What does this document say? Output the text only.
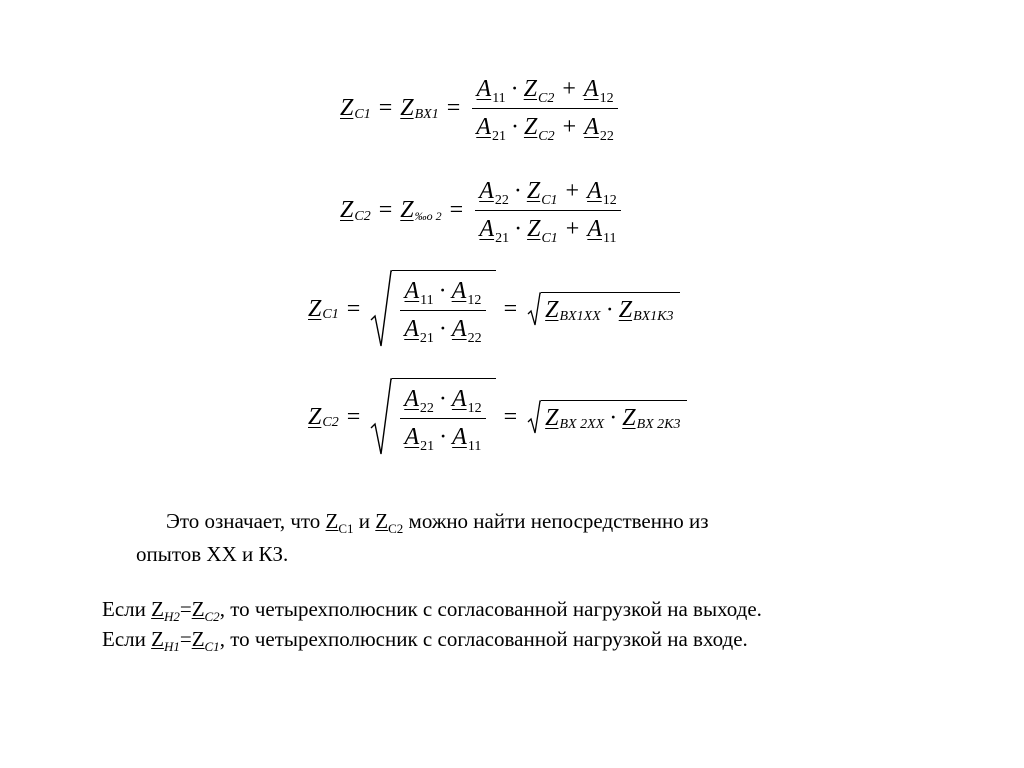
Z C1 = Z $BX1 = \frac{A_{11} \cdot Z_{C2} + A_{12}}{A_{21} \cdot Z_{C2} + A_{22}}$
Z C2 = Z ‰о $2 = \frac{A_{22} \cdot Z_{C1} + A_{12}}{A_{21} \cdot Z_{C1} + A_{11}}$
Z $C1 = \frac{A_{11} \cdot A_{12}}{A_{21} \cdot A_{22}} = Z$ BX1XX · Z BX1K3
Z $C2 = \frac{A_{22} \cdot A_{12}}{A_{21} \cdot A_{11}} = Z$ BX 2XX · Z BX 2K3
Это означает, что $Z_{C1}$ и $Z_{C2}$ можно найти непосредственно из
опытов ХХ и КЗ.
Если $Z_{H2}=Z_{C2}$, то четырехполюсник с согласованной нагрузкой на выходе.
Если $Z_{H1}=Z_{C1}$, то четырехполюсник с согласованной нагрузкой на входе.
